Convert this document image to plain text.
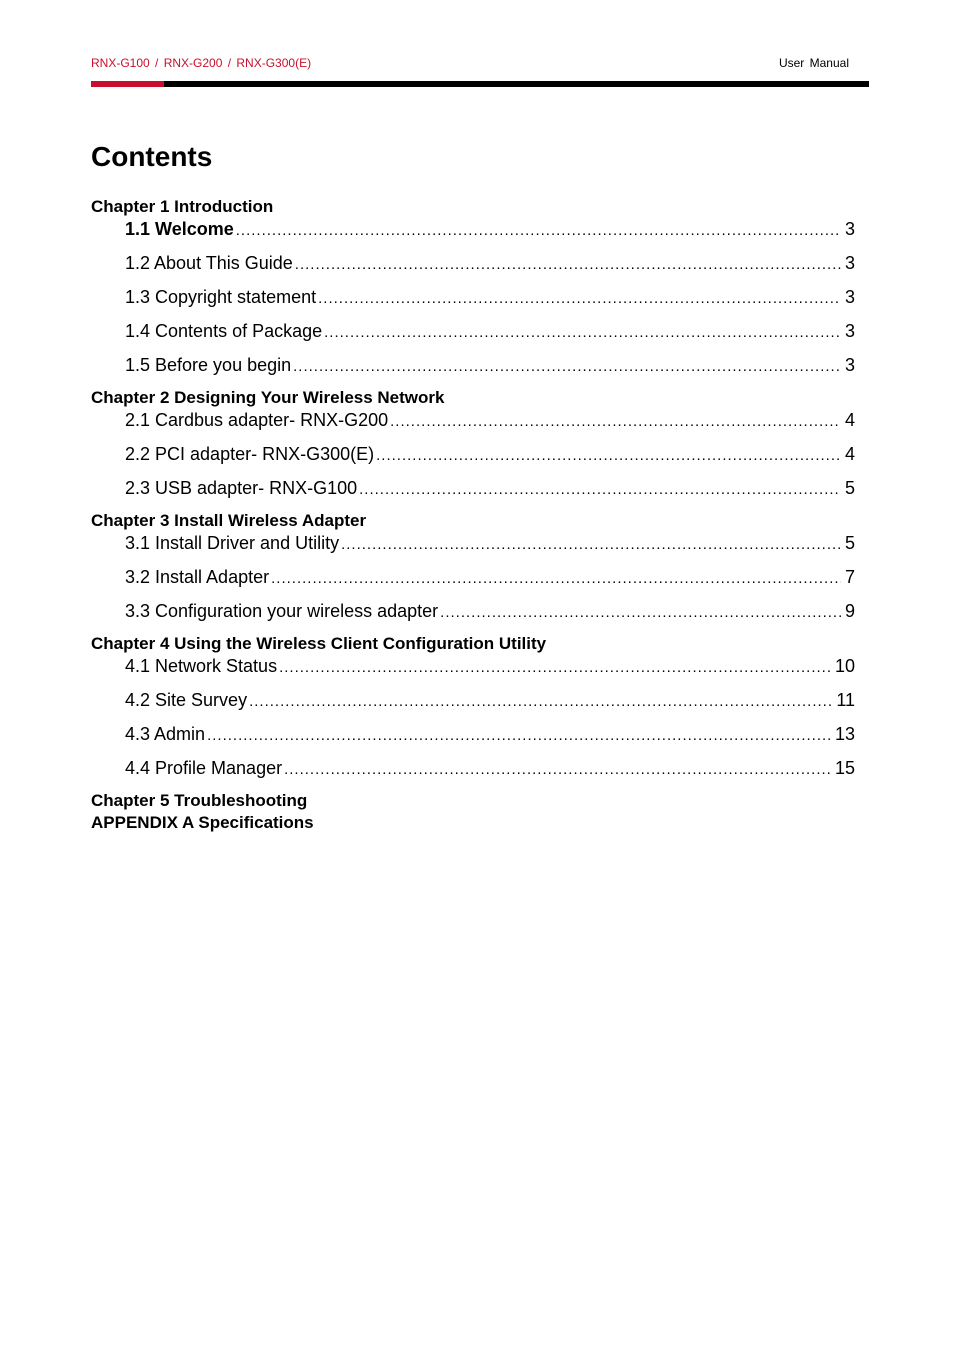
RNX-G100 / RNX-G200 / RNX-G300(E)	User Manual
Contents
Chapter 1 Introduction
1.1 Welcome .....	3
1.2 About This Guide .....	3
1.3 Copyright statement .....	3
1.4 Contents of Package .....	3
1.5 Before you begin .....	3
Chapter 2 Designing Your Wireless Network
2.1 Cardbus adapter- RNX-G200 .....	4
2.2 PCI adapter- RNX-G300(E) .....	4
2.3 USB adapter- RNX-G100 .....	5
Chapter 3 Install Wireless Adapter
3.1 Install Driver and Utility .....	5
3.2 Install Adapter .....	7
3.3 Configuration your wireless adapter .....	9
Chapter 4 Using the Wireless Client Configuration Utility
4.1 Network Status .....	10
4.2 Site Survey .....	11
4.3 Admin .....	13
4.4 Profile Manager .....	15
Chapter 5 Troubleshooting
APPENDIX A Specifications
